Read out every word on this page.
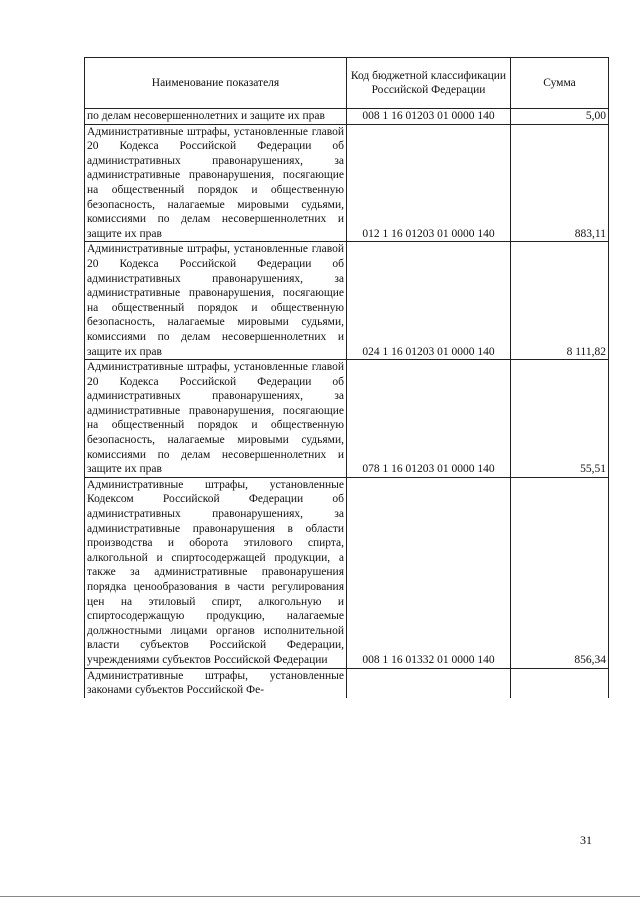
Наименование показателя	Код бюджетной классификации Российской Федерации	Сумма
по делам несовершеннолетних и защите их прав	008 1 16 01203 01 0000 140	5,00
Административные штрафы, установленные главой 20 Кодекса Российской Федерации об административных правонарушениях, за административные правонарушения, посягающие на общественный порядок и общественную безопасность, налагаемые мировыми судьями, комиссиями по делам несовершеннолетних и защите их прав	012 1 16 01203 01 0000 140	883,11
Административные штрафы, установленные главой 20 Кодекса Российской Федерации об административных правонарушениях, за административные правонарушения, посягающие на общественный порядок и общественную безопасность, налагаемые мировыми судьями, комиссиями по делам несовершеннолетних и защите их прав	024 1 16 01203 01 0000 140	8 111,82
Административные штрафы, установленные главой 20 Кодекса Российской Федерации об административных правонарушениях, за административные правонарушения, посягающие на общественный порядок и общественную безопасность, налагаемые мировыми судьями, комиссиями по делам несовершеннолетних и защите их прав	078 1 16 01203 01 0000 140	55,51
Административные штрафы, установленные Кодексом Российской Федерации об административных правонарушениях, за административные правонарушения в области производства и оборота этилового спирта, алкогольной и спиртосодержащей продукции, а также за административные правонарушения порядка ценообразования в части регулирования цен на этиловый спирт, алкогольную и спиртосодержащую продукцию, налагаемые должностными лицами органов исполнительной власти субъектов Российской Федерации, учреждениями субъектов Российской Федерации	008 1 16 01332 01 0000 140	856,34
Административные штрафы, установленные законами субъектов Российской Фе-		
31
